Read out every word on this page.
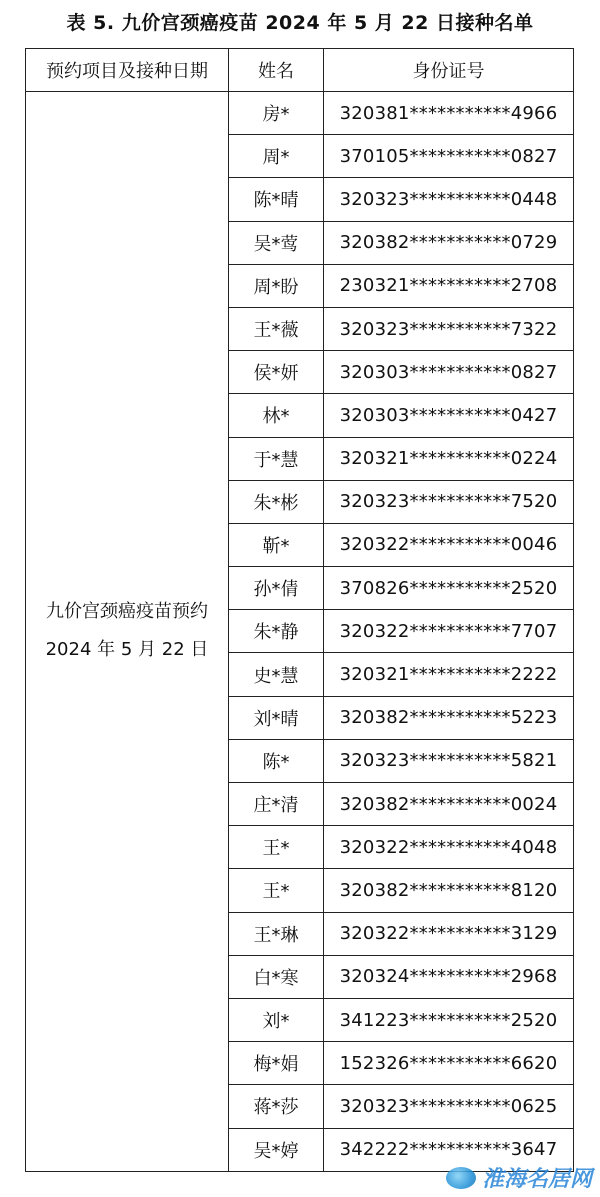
表 5. 九价宫颈癌疫苗 2024 年 5 月 22 日接种名单
预约项目及接种日期	姓名	身份证号

九价宫颈癌疫苗预约
2024 年 5 月 22 日	房*	320381***********4966
	周*	370105***********0827
	陈*晴	320323***********0448
	吴*莺	320382***********0729
	周*盼	230321***********2708
	王*薇	320323***********7322
	侯*妍	320303***********0827
	林*	320303***********0427
	于*慧	320321***********0224
	朱*彬	320323***********7520
	靳*	320322***********0046
	孙*倩	370826***********2520
	朱*静	320322***********7707
	史*慧	320321***********2222
	刘*晴	320382***********5223
	陈*	320323***********5821
	庄*清	320382***********0024
	王*	320322***********4048
	王*	320382***********8120
	王*琳	320322***********3129
	白*寒	320324***********2968
	刘*	341223***********2520
	梅*娟	152326***********6620
	蒋*莎	320323***********0625
	吴*婷	342222***********3647
淮海名居网
